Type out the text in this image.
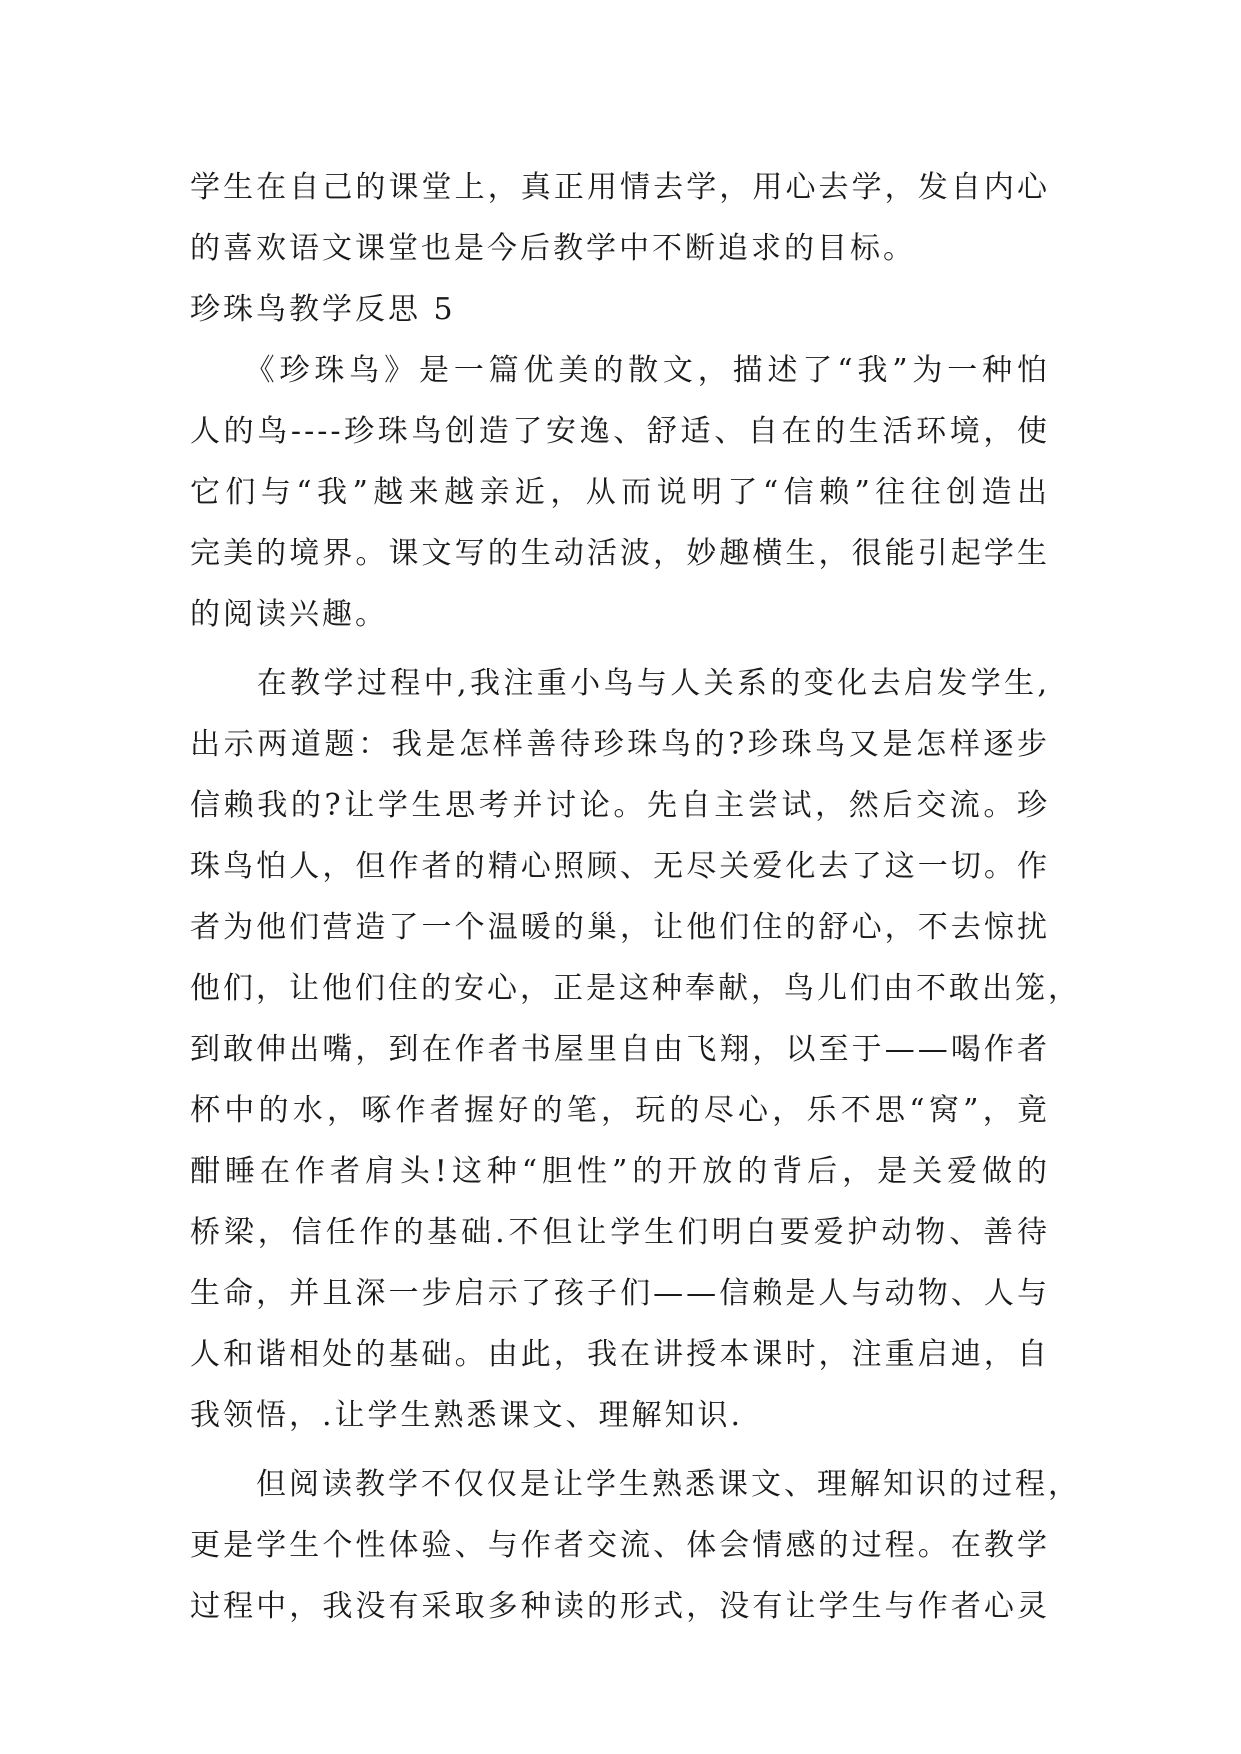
学生在自己的课堂上，真正用情去学，用心去学，发自内心
的喜欢语文课堂也是今后教学中不断追求的目标。
珍珠鸟教学反思 5
　　《珍珠鸟》是一篇优美的散文，描述了“我”为一种怕
人的鸟----珍珠鸟创造了安逸、舒适、自在的生活环境，使
它们与“我”越来越亲近，从而说明了“信赖”往往创造出
完美的境界。课文写的生动活波，妙趣横生，很能引起学生
的阅读兴趣。
　　在教学过程中,我注重小鸟与人关系的变化去启发学生,
出示两道题：我是怎样善待珍珠鸟的?珍珠鸟又是怎样逐步
信赖我的?让学生思考并讨论。先自主尝试，然后交流。珍
珠鸟怕人，但作者的精心照顾、无尽关爱化去了这一切。作
者为他们营造了一个温暖的巢，让他们住的舒心，不去惊扰
他们，让他们住的安心，正是这种奉献，鸟儿们由不敢出笼，
到敢伸出嘴，到在作者书屋里自由飞翔，以至于——喝作者
杯中的水，啄作者握好的笔，玩的尽心，乐不思“窝”，竟
酣睡在作者肩头!这种“胆性”的开放的背后，是关爱做的
桥梁，信任作的基础.不但让学生们明白要爱护动物、善待
生命，并且深一步启示了孩子们——信赖是人与动物、人与
人和谐相处的基础。由此，我在讲授本课时，注重启迪，自
我领悟，.让学生熟悉课文、理解知识.
　　但阅读教学不仅仅是让学生熟悉课文、理解知识的过程，
更是学生个性体验、与作者交流、体会情感的过程。在教学
过程中，我没有采取多种读的形式，没有让学生与作者心灵
